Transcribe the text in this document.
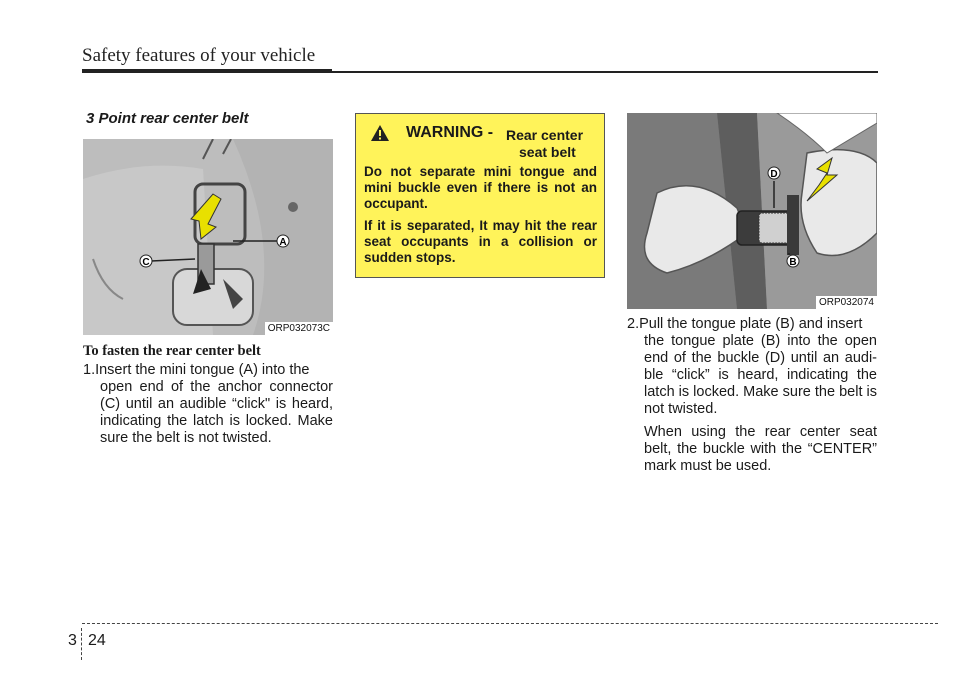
Safety features of your vehicle
3 Point rear center belt
A
C
ORP032073C
To fasten the rear center belt
1.Insert the mini tongue (A) into the
open end of the anchor connector (C) until an audible “click" is heard, indicating the latch is locked. Make sure the belt is not twisted.
WARNING - Rear center
seat belt

Do not separate mini tongue and mini buckle even if there is not an occupant.

If it is separated, It may hit the rear seat occupants in a collision or sudden stops.

D
B
ORP032074
2.Pull the tongue plate (B) and insert
the tongue plate (B) into the open end of the buckle (D) until an audi- ble “click” is heard, indicating the latch is locked. Make sure the belt is not twisted.
When using the rear center seat belt, the buckle with the “CENTER” mark must be used.
3 24
